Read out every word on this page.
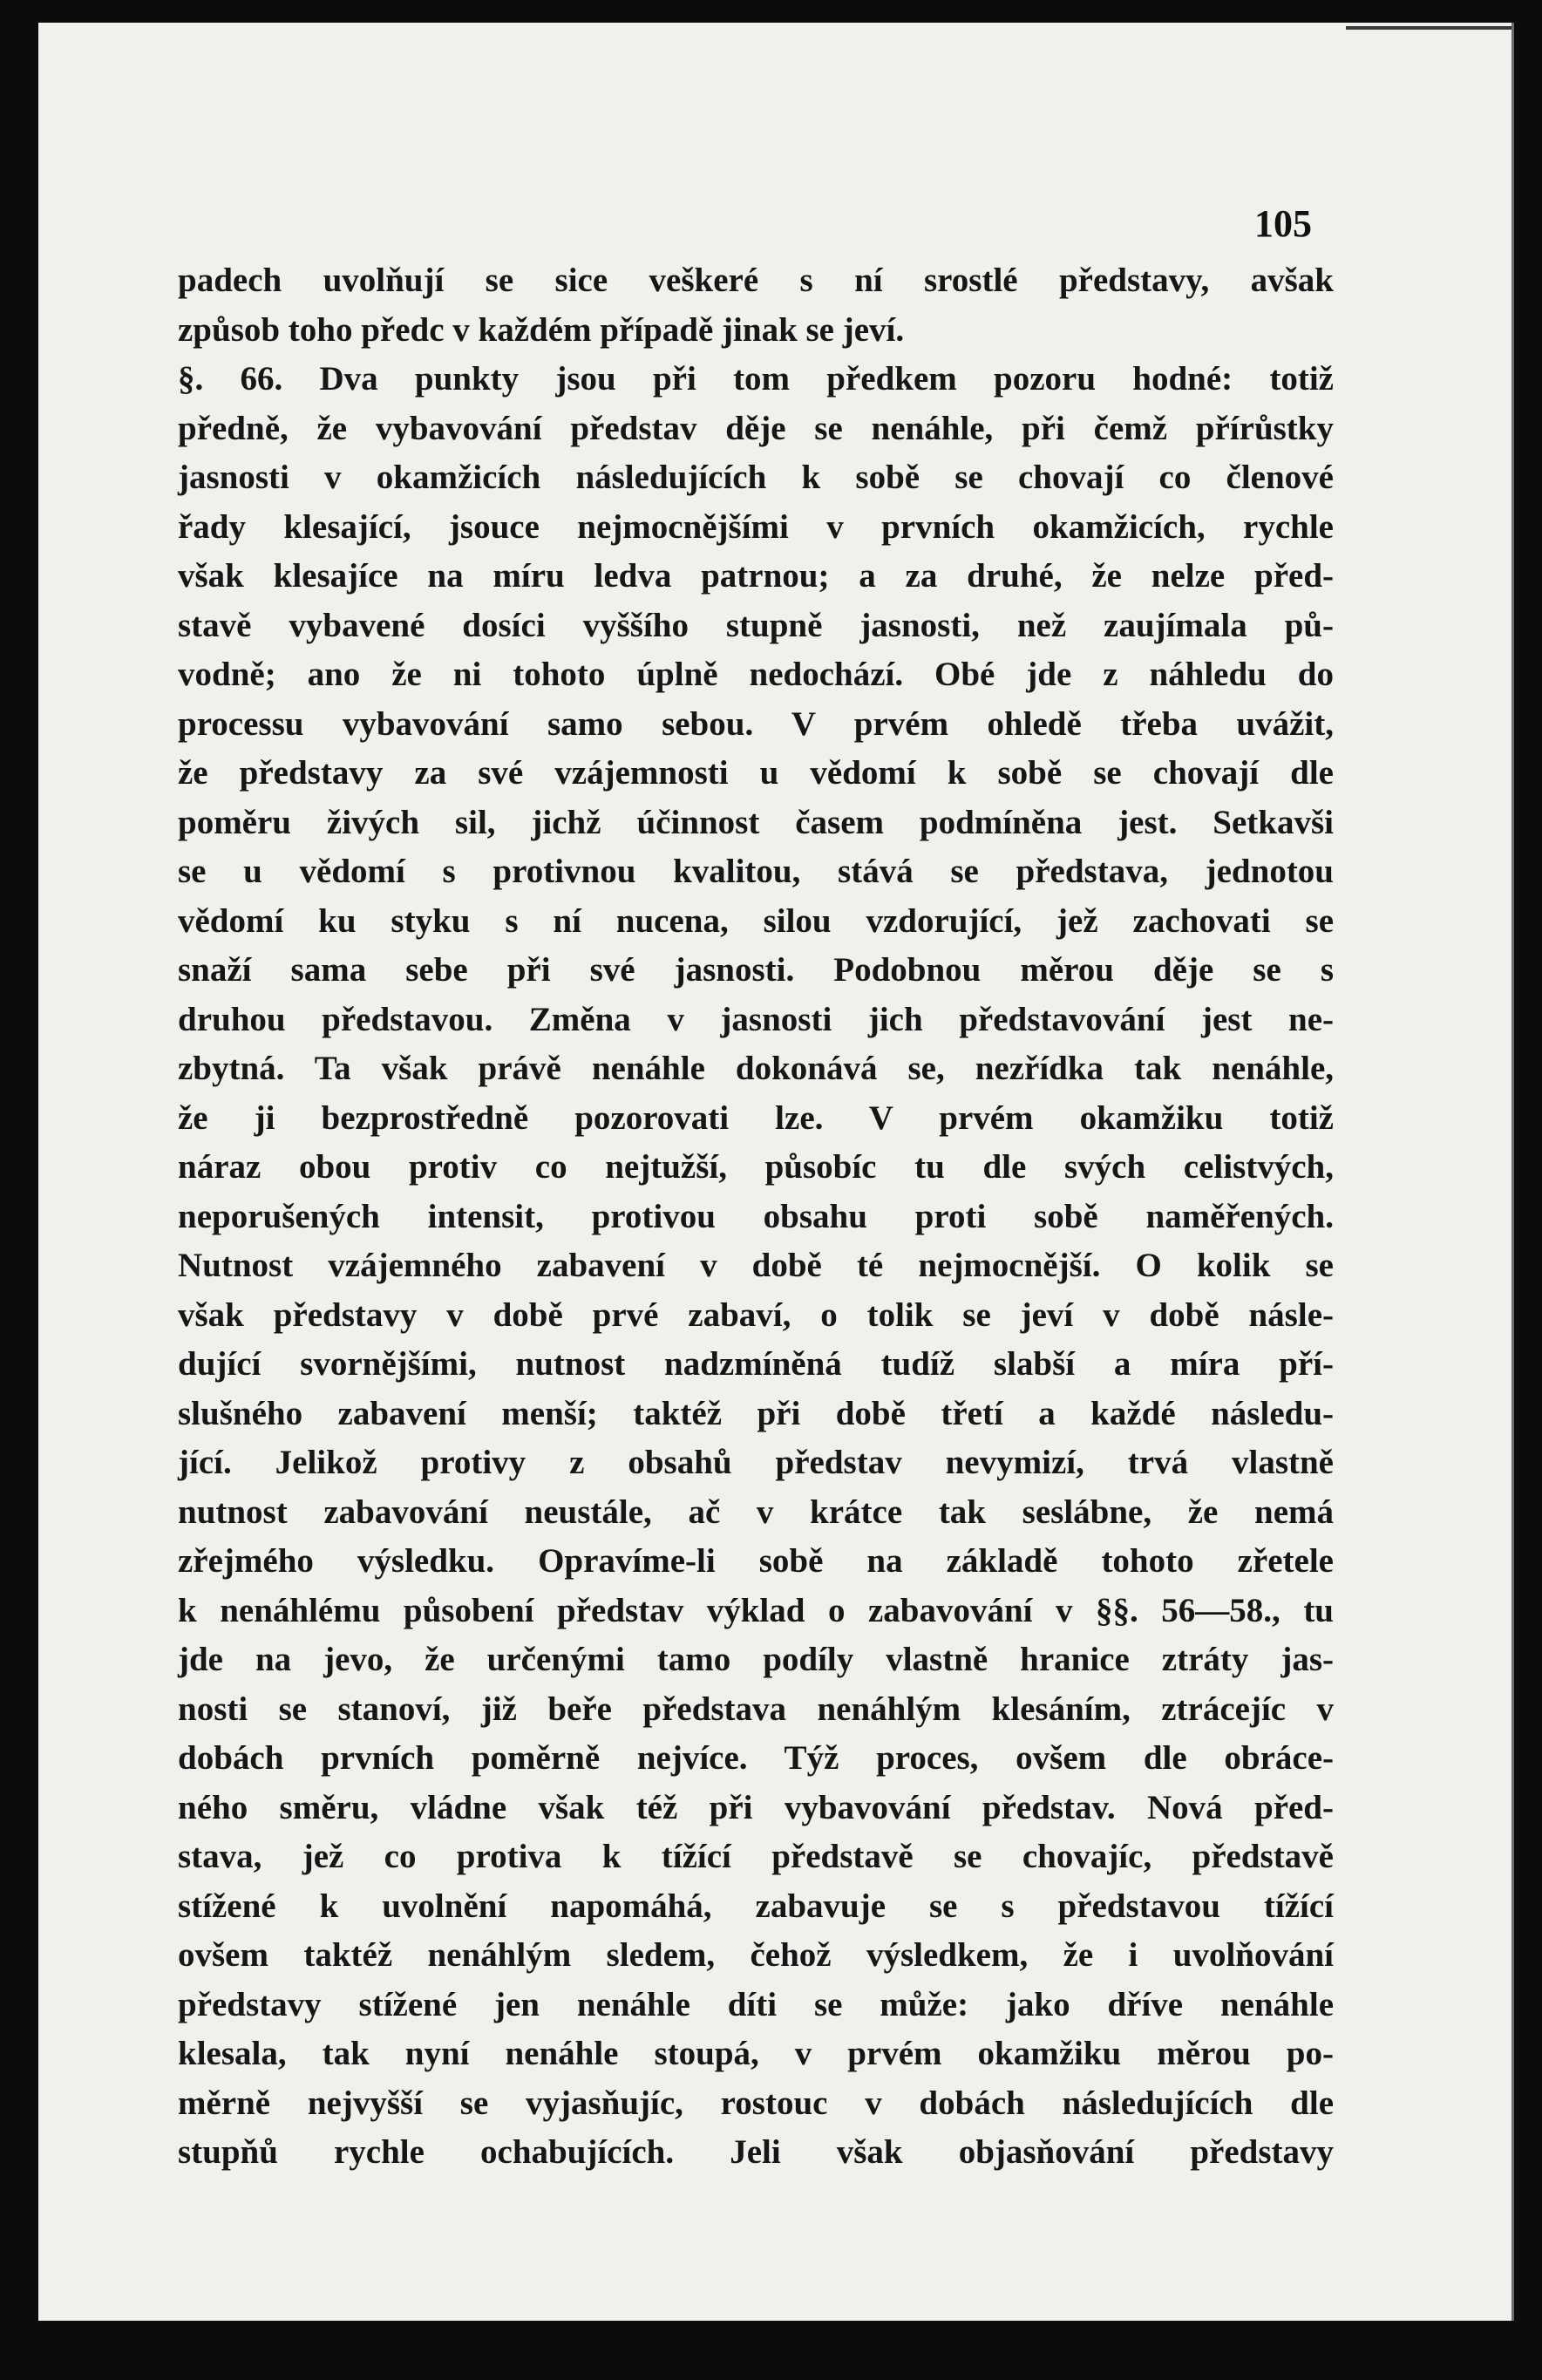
105
padech uvolňují se sice veškeré s ní srostlé představy, avšak
způsob toho předc v každém případě jinak se jeví.
§. 66. Dva punkty jsou při tom předkem pozoru hodné: totiž
předně, že vybavování představ děje se nenáhle, při čemž přírůstky
jasnosti v okamžicích následujících k sobě se chovají co členové
řady klesající, jsouce nejmocnějšími v prvních okamžicích, rychle
však klesajíce na míru ledva patrnou; a za druhé, že nelze před-
stavě vybavené dosíci vyššího stupně jasnosti, než zaujímala pů-
vodně; ano že ni tohoto úplně nedochází. Obé jde z náhledu do
processu vybavování samo sebou. V prvém ohledě třeba uvážit,
že představy za své vzájemnosti u vědomí k sobě se chovají dle
poměru živých sil, jichž účinnost časem podmíněna jest. Setkavši
se u vědomí s protivnou kvalitou, stává se představa, jednotou
vědomí ku styku s ní nucena, silou vzdorující, jež zachovati se
snaží sama sebe při své jasnosti. Podobnou měrou děje se s
druhou představou. Změna v jasnosti jich představování jest ne-
zbytná. Ta však právě nenáhle dokonává se, nezřídka tak nenáhle,
že ji bezprostředně pozorovati lze. V prvém okamžiku totiž
náraz obou protiv co nejtužší, působíc tu dle svých celistvých,
neporušených intensit, protivou obsahu proti sobě naměřených.
Nutnost vzájemného zabavení v době té nejmocnější. O kolik se
však představy v době prvé zabaví, o tolik se jeví v době násle-
dující svornějšími, nutnost nadzmíněná tudíž slabší a míra pří-
slušného zabavení menší; taktéž při době třetí a každé následu-
jící. Jelikož protivy z obsahů představ nevymizí, trvá vlastně
nutnost zabavování neustále, ač v krátce tak seslábne, že nemá
zřejmého výsledku. Opravíme-li sobě na základě tohoto zřetele
k nenáhlému působení představ výklad o zabavování v §§. 56—58., tu
jde na jevo, že určenými tamo podíly vlastně hranice ztráty jas-
nosti se stanoví, již beře představa nenáhlým klesáním, ztrácejíc v
dobách prvních poměrně nejvíce. Týž proces, ovšem dle obráce-
ného směru, vládne však též při vybavování představ. Nová před-
stava, jež co protiva k tížící představě se chovajíc, představě
stížené k uvolnění napomáhá, zabavuje se s představou tížící
ovšem taktéž nenáhlým sledem, čehož výsledkem, že i uvolňování
představy stížené jen nenáhle díti se může: jako dříve nenáhle
klesala, tak nyní nenáhle stoupá, v prvém okamžiku měrou po-
měrně nejvyšší se vyjasňujíc, rostouc v dobách následujících dle
stupňů rychle ochabujících. Jeli však objasňování představy
